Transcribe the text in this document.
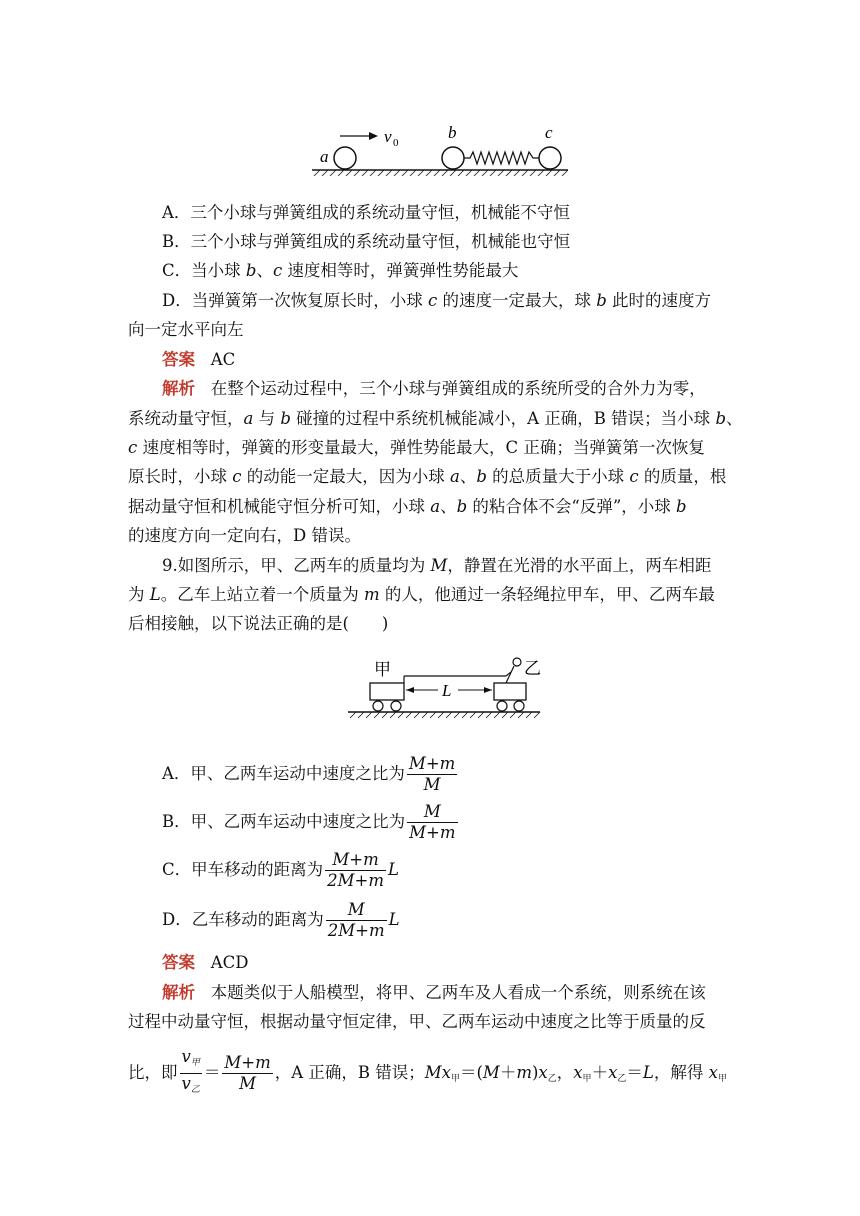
a
b	c
v 0
A．三个小球与弹簧组成的系统动量守恒，机械能不守恒
B．三个小球与弹簧组成的系统动量守恒，机械能也守恒
C．当小球 b、c 速度相等时，弹簧弹性势能最大
D．当弹簧第一次恢复原长时，小球 c 的速度一定最大，球 b 此时的速度方
向一定水平向左
答案 AC
解析 在整个运动过程中，三个小球与弹簧组成的系统所受的合外力为零，
系统动量守恒，a 与 b 碰撞的过程中系统机械能减小，A 正确，B 错误；当小球 b、
c 速度相等时，弹簧的形变量最大，弹性势能最大，C 正确；当弹簧第一次恢复
原长时，小球 c 的动能一定最大，因为小球 a、b 的总质量大于小球 c 的质量，根
据动量守恒和机械能守恒分析可知，小球 a、b 的粘合体不会“反弹”，小球 b
的速度方向一定向右，D 错误。
9.如图所示，甲、乙两车的质量均为 M，静置在光滑的水平面上，两车相距
为 L。乙车上站立着一个质量为 m 的人，他通过一条轻绳拉甲车，甲、乙两车最
后相接触，以下说法正确的是(　　)
L
甲	乙
A．甲、乙两车运动中速度之比为 $\frac{M+m}{M}$
B．甲、乙两车运动中速度之比为 $\frac{M}{M+m}$
C．甲车移动的距离为 $\frac{M+m}{2M+m}$ L
D．乙车移动的距离为 $\frac{M}{2M+m}$ L
答案 ACD
解析 本题类似于人船模型，将甲、乙两车及人看成一个系统，则系统在该
过程中动量守恒，根据动量守恒定律，甲、乙两车运动中速度之比等于质量的反
比，即 $\frac{v_甲}{v_乙} = \frac{M+m}{M}$ ，A 正确，B 错误；$Mx_甲=(M+m)x_乙$，$x_甲+x_乙=L$，解得 $x_甲$
